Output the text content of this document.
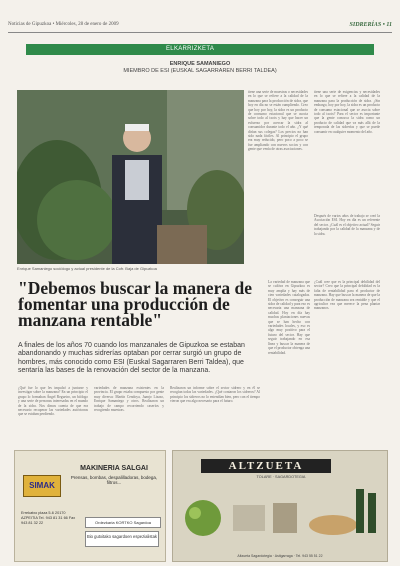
Noticias de Gipuzkoa • Miércoles, 28 de enero de 2009	SIDRERÍAS • 11
ELKARRIZKETA
ENRIQUE SAMANIEGO
MIEMBRO DE ESI (EUSKAL SAGARRAREN BERRI TALDEA)
Enrique Samaniego sociólogo y actual presidente de la Cofr. Baja de Gipuzkoa
tiene una serie de muestras o necesidades en lo que se refiere a la calidad de la manzana para la producción de sidra, que hoy en día no se están cumpliendo. Creo que hoy por hoy, la sidra es un producto de consumo estacional que se asocia sobre todo al txotx y hay que hacer un esfuerzo por acercar la sidra al consumidor durante todo el año. ¿Y qué dirían sus colegas? Los precios no han sido nada fáciles. Al principio el grupo era muy reducido, pero poco a poco se fue ampliando con nuevos socios y con gente que venía de otras asociaciones.
tiene una serie de exigencias y necesidades en lo que se refiere a la calidad de la manzana para la producción de sidra. ¿Sin embargo, hoy por hoy, la sidra es un producto de consumo estacional que se asocia sobre todo al txotx? Para el sector es importante que la gente conozca la sidra como un producto de calidad que va más allá de la temporada de las sidrerías y que se puede consumir en cualquier momento del año.
Después de varios años de trabajo se creó la Asociación ESI. Hoy en día es un referente del sector. ¿Cuál es el objetivo actual? Seguir trabajando por la calidad de la manzana y de la sidra.
"Debemos buscar la manera de fomentar una producción de manzana rentable"
La variedad de manzana que se cultiva en Gipuzkoa es muy amplia y hay más de cien variedades catalogadas. El objetivo es conseguir una sidra de calidad y para eso es necesaria una manzana de calidad. Hoy en día hay muchas plantaciones nuevas que se han hecho con variedades locales, y eso es algo muy positivo para el futuro del sector. Hay que seguir trabajando en esa línea y buscar la manera de que el productor obtenga una rentabilidad.
¿Cuál cree que es la principal debilidad del sector? Creo que la principal debilidad es la falta de rentabilidad para el productor de manzana. Hay que buscar la manera de que la producción de manzana sea rentable y que el agricultor vea que merece la pena plantar manzanos.
A finales de los años 70 cuando los manzanales de Gipuzkoa se estaban abandonando y muchas sidrerías optaban por cerrar surgió un grupo de hombres, más conocido como ESI (Euskal Sagarraren Berri Taldea), que sentaría las bases de la renovación del sector de la manzana.
¿Qué fue lo que les impulsó a juntarse y investigar sobre la manzana? En un principio el grupo lo formaban Ángel Regueiro, un biólogo y una serie de personas interesadas en el mundo de la sidra. Nos dimos cuenta de que era necesario recuperar las variedades autóctonas que se estaban perdiendo.
variedades de manzana existentes en la provincia. El grupo estaba compuesto por gente muy diversa: Martín Cendoya, Juanjo Lizaso, Enrique Samaniego y otros. Realizaron un trabajo de campo recorriendo caseríos y recogiendo muestras.
Realizaron un informe sobre el sector sidrero y en él se recogían todas las variedades. ¿Qué contaron los sidreros? Al principio los sidreros no lo entendían bien, pero con el tiempo vieron que era algo necesario para el futuro.
SIMAK
MAKINERIA SALGAI
Prensas, bombas, despalilladoras, bodega, filtros...
Errekatxo plaza 5-6 20170 AZPEITIA Tel. 943 81 31 66 Fax 943 81 32 22	Ordezkaria KORTKO Sagardoa
Bio gutxitako sagardoen espezialistak
ALTZUETA
TOLARE · SAGARDOTEGIA
Altzueta Sagardotegia · Astigarraga · Tel. 943 55 51 22
